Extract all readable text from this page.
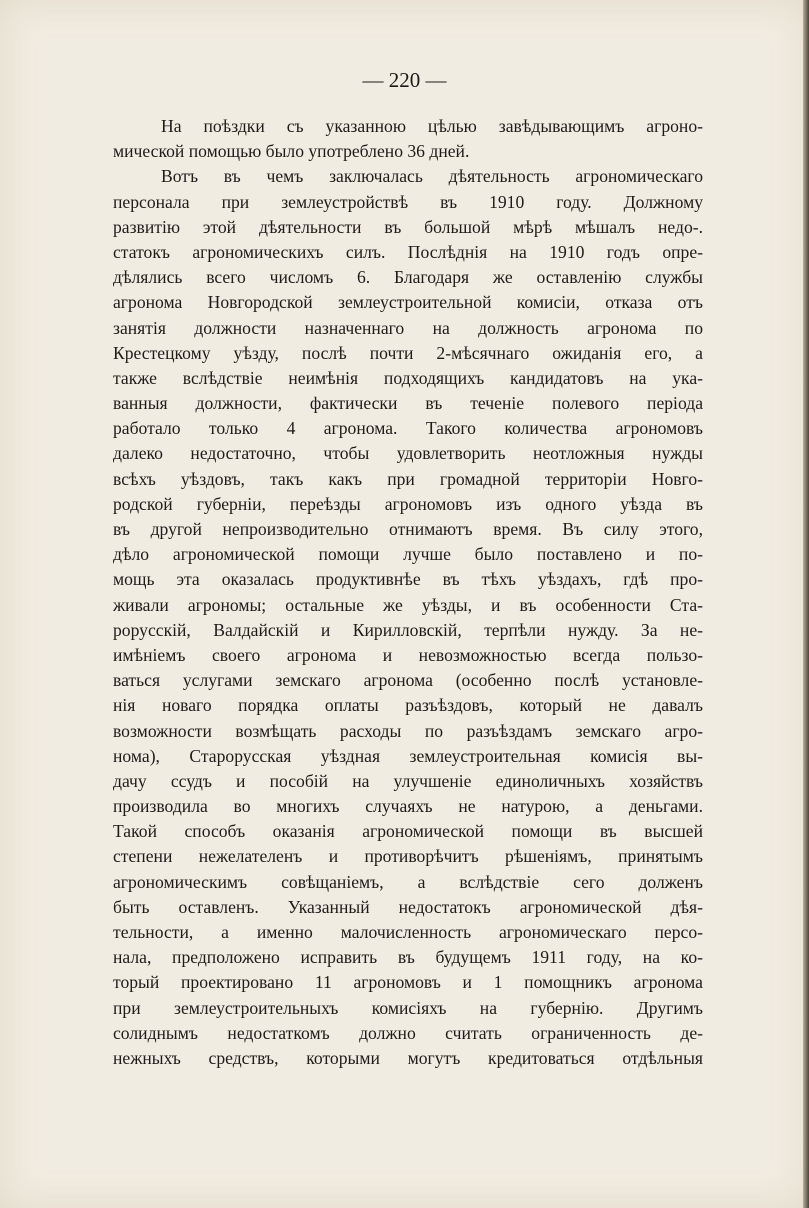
— 220 —
На поѣздки съ указанною цѣлью завѣдывающимъ агроно-
мической помощью было употреблено 36 дней.
Вотъ въ чемъ заключалась дѣятельность агрономическаго
персонала при землеустройствѣ въ 1910 году. Должному
развитію этой дѣятельности въ большой мѣрѣ мѣшалъ недо-.
статокъ агрономическихъ силъ. Послѣднія на 1910 годъ опре-
дѣлялись всего числомъ 6. Благодаря же оставленію службы
агронома Новгородской землеустроительной комисіи, отказа отъ
занятія должности назначеннаго на должность агронома по
Крестецкому уѣзду, послѣ почти 2-мѣсячнаго ожиданія его, а
также вслѣдствіе неимѣнія подходящихъ кандидатовъ на ука-
ванныя должности, фактически въ теченіе полевого періода
работало только 4 агронома. Такого количества агрономовъ
далеко недостаточно, чтобы удовлетворить неотложныя нужды
всѣхъ уѣздовъ, такъ какъ при громадной территоріи Новго-
родской губерніи, переѣзды агрономовъ изъ одного уѣзда въ
въ другой непроизводительно отнимаютъ время. Въ силу этого,
дѣло агрономической помощи лучше было поставлено и по-
мощь эта оказалась продуктивнѣе въ тѣхъ уѣздахъ, гдѣ про-
живали агрономы; остальные же уѣзды, и въ особенности Ста-
рорусскій, Валдайскій и Кирилловскій, терпѣли нужду. За не-
имѣніемъ своего агронома и невозможностью всегда пользо-
ваться услугами земскаго агронома (особенно послѣ установле-
нія новаго порядка оплаты разъѣздовъ, который не давалъ
возможности возмѣщать расходы по разъѣздамъ земскаго агро-
нома), Старорусская уѣздная землеустроительная комисія вы-
дачу ссудъ и пособій на улучшеніе единоличныхъ хозяйствъ
производила во многихъ случаяхъ не натурою, а деньгами.
Такой способъ оказанія агрономической помощи въ высшей
степени нежелателенъ и противорѣчитъ рѣшеніямъ, принятымъ
агрономическимъ совѣщаніемъ, а вслѣдствіе сего долженъ
быть оставленъ. Указанный недостатокъ агрономической дѣя-
тельности, а именно малочисленность агрономическаго персо-
нала, предположено исправить въ будущемъ 1911 году, на ко-
торый проектировано 11 агрономовъ и 1 помощникъ агронома
при землеустроительныхъ комисіяхъ на губернію. Другимъ
солиднымъ недостаткомъ должно считать ограниченность де-
нежныхъ средствъ, которыми могутъ кредитоваться отдѣльныя
